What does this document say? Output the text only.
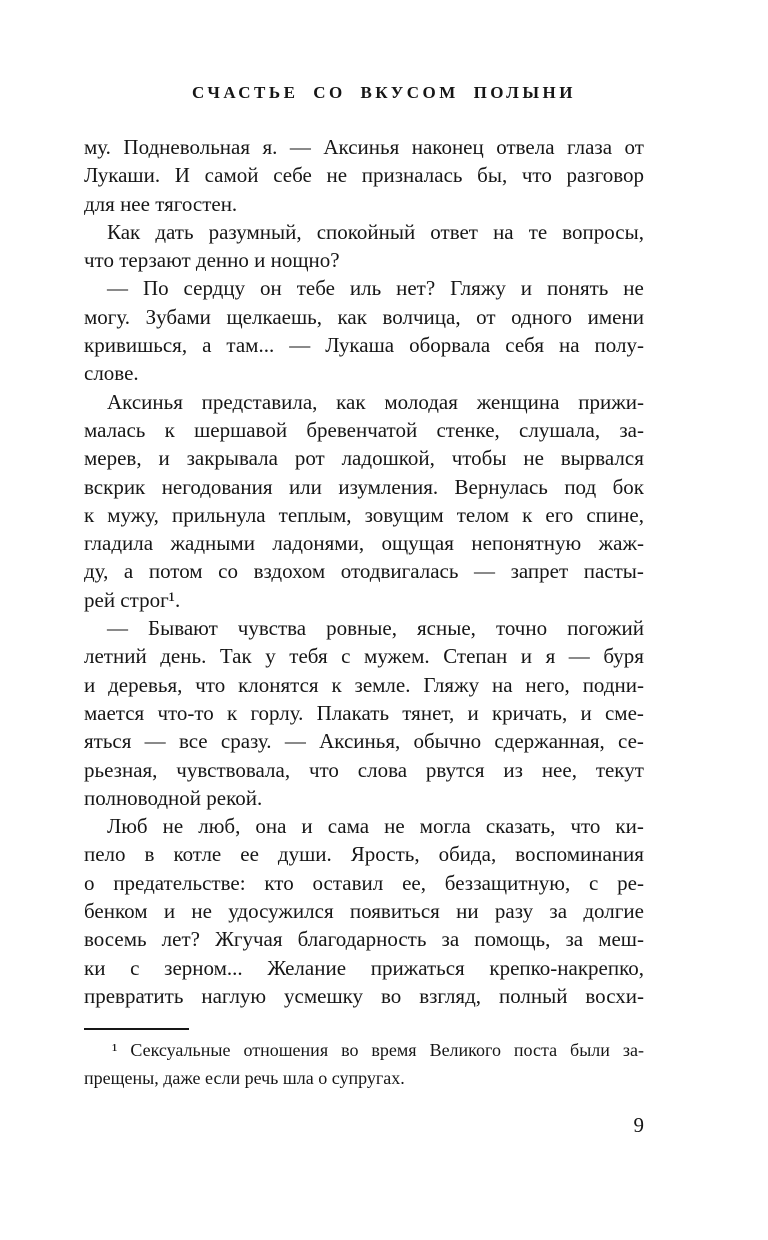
СЧАСТЬЕ СО ВКУСОМ ПОЛЫНИ
му. Подневольная я. — Аксинья наконец отвела глаза от
Лукаши. И самой себе не призналась бы, что разговор
для нее тягостен.
Как дать разумный, спокойный ответ на те вопросы,
что терзают денно и нощно?
— По сердцу он тебе иль нет? Гляжу и понять не
могу. Зубами щелкаешь, как волчица, от одного имени
кривишься, а там... — Лукаша оборвала себя на полу-
слове.
Аксинья представила, как молодая женщина прижи-
малась к шершавой бревенчатой стенке, слушала, за-
мерев, и закрывала рот ладошкой, чтобы не вырвался
вскрик негодования или изумления. Вернулась под бок
к мужу, прильнула теплым, зовущим телом к его спине,
гладила жадными ладонями, ощущая непонятную жаж-
ду, а потом со вздохом отодвигалась — запрет пасты-
рей строг¹.
— Бывают чувства ровные, ясные, точно погожий
летний день. Так у тебя с мужем. Степан и я — буря
и деревья, что клонятся к земле. Гляжу на него, подни-
мается что-то к горлу. Плакать тянет, и кричать, и сме-
яться — все сразу. — Аксинья, обычно сдержанная, се-
рьезная, чувствовала, что слова рвутся из нее, текут
полноводной рекой.
Люб не люб, она и сама не могла сказать, что ки-
пело в котле ее души. Ярость, обида, воспоминания
о предательстве: кто оставил ее, беззащитную, с ре-
бенком и не удосужился появиться ни разу за долгие
восемь лет? Жгучая благодарность за помощь, за меш-
ки с зерном... Желание прижаться крепко-накрепко,
превратить наглую усмешку во взгляд, полный восхи-
¹ Сексуальные отношения во время Великого поста были за-
прещены, даже если речь шла о супругах.
9
